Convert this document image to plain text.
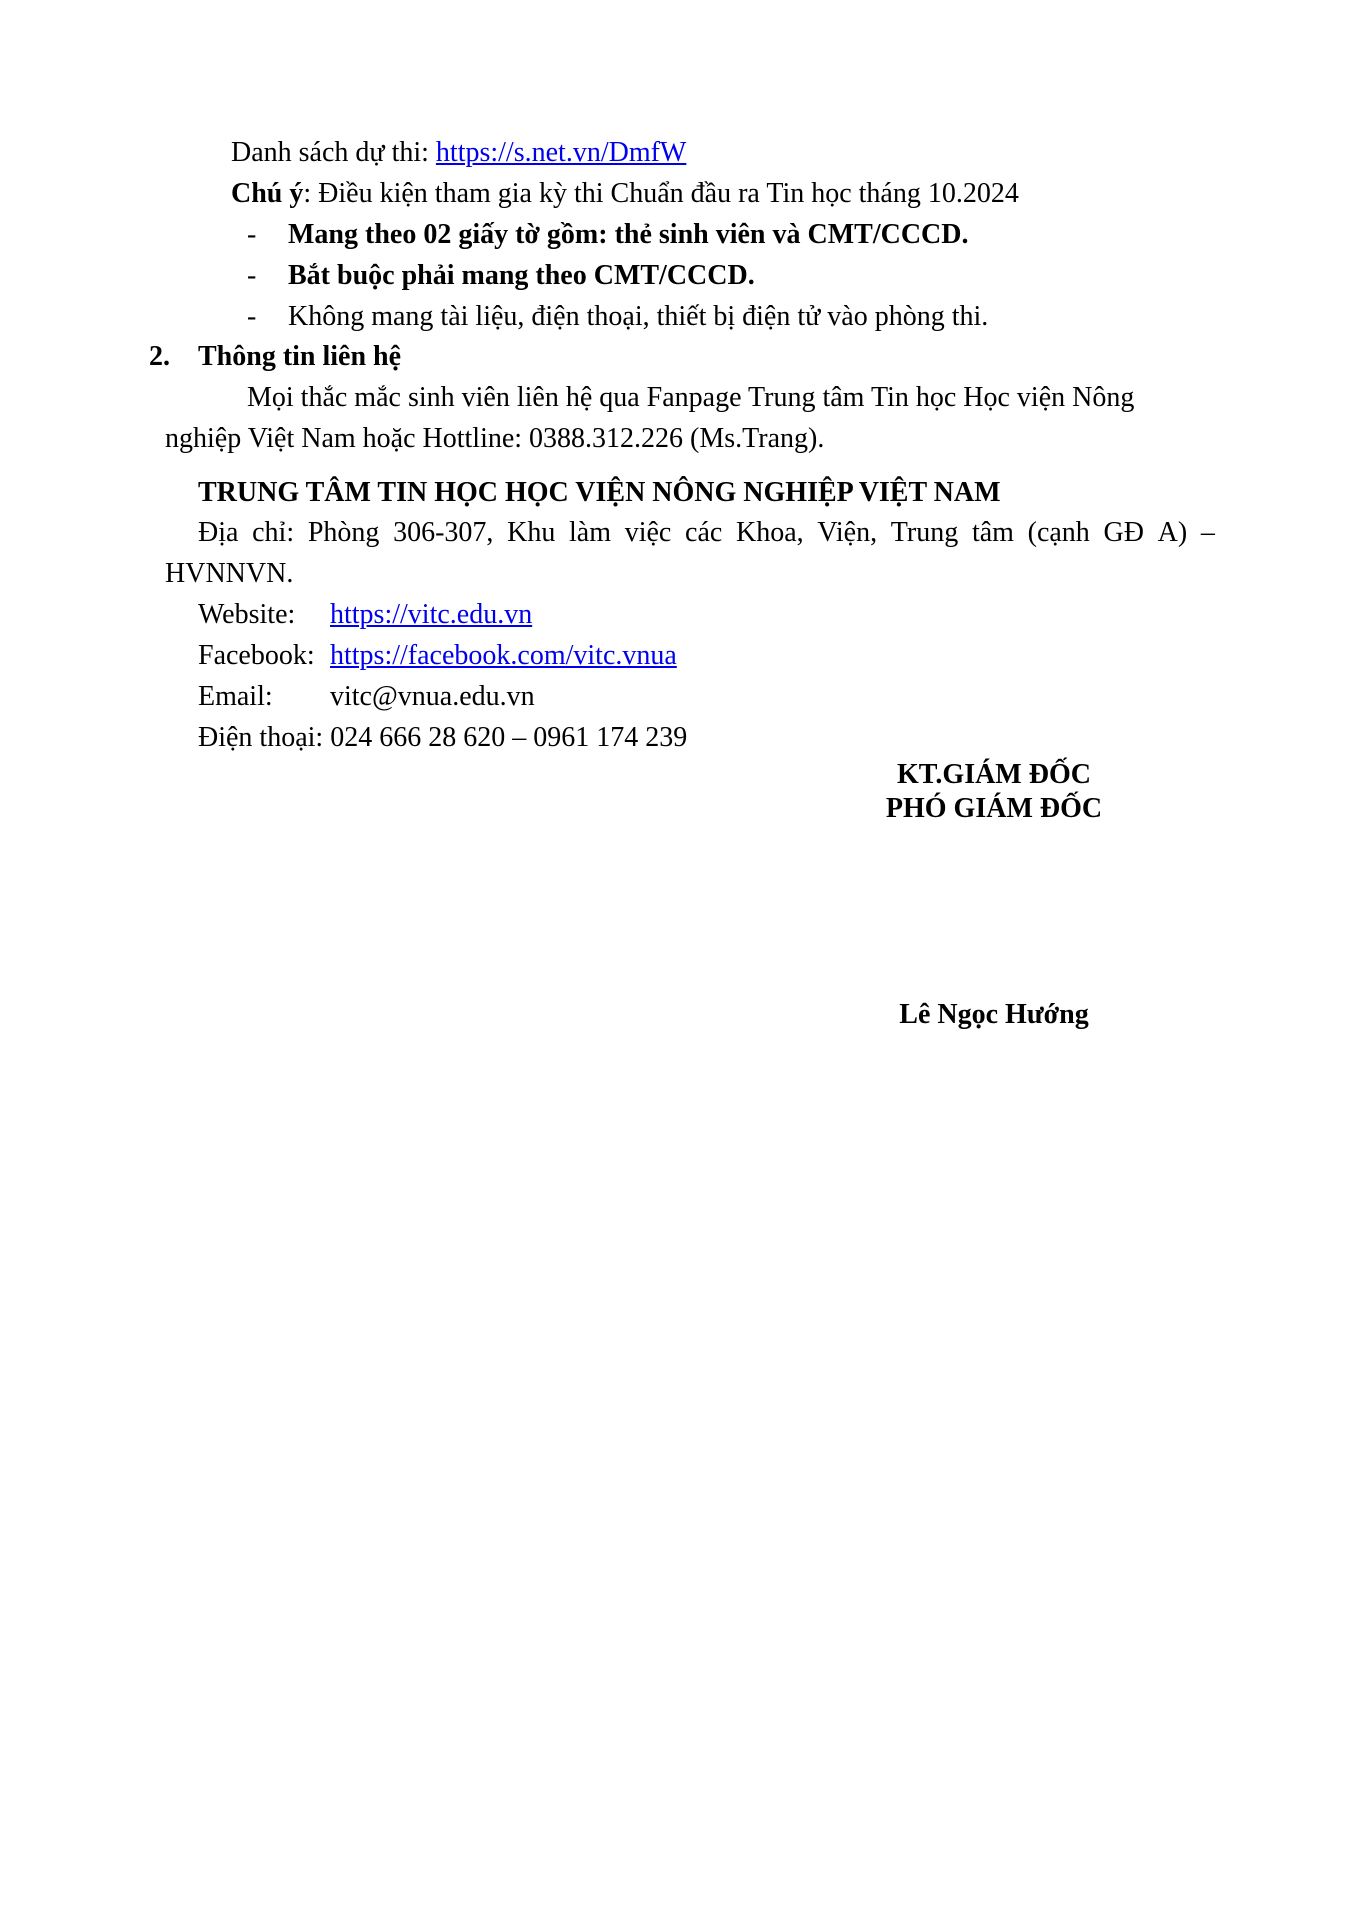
Danh sách dự thi: https://s.net.vn/DmfW
Chú ý: Điều kiện tham gia kỳ thi Chuẩn đầu ra Tin học tháng 10.2024
- Mang theo 02 giấy tờ gồm: thẻ sinh viên và CMT/CCCD.
- Bắt buộc phải mang theo CMT/CCCD.
- Không mang tài liệu, điện thoại, thiết bị điện tử vào phòng thi.
2. Thông tin liên hệ
Mọi thắc mắc sinh viên liên hệ qua Fanpage Trung tâm Tin học Học viện Nông
nghiệp Việt Nam hoặc Hottline: 0388.312.226 (Ms.Trang).
TRUNG TÂM TIN HỌC HỌC VIỆN NÔNG NGHIỆP VIỆT NAM
Địa chỉ: Phòng 306-307, Khu làm việc các Khoa, Viện, Trung tâm (cạnh GĐ A) –
HVNNVN.
Website: https://vitc.edu.vn
Facebook: https://facebook.com/vitc.vnua
Email: vitc@vnua.edu.vn
Điện thoại: 024 666 28 620 – 0961 174 239
KT.GIÁM ĐỐC
PHÓ GIÁM ĐỐC
Lê Ngọc Hướng
